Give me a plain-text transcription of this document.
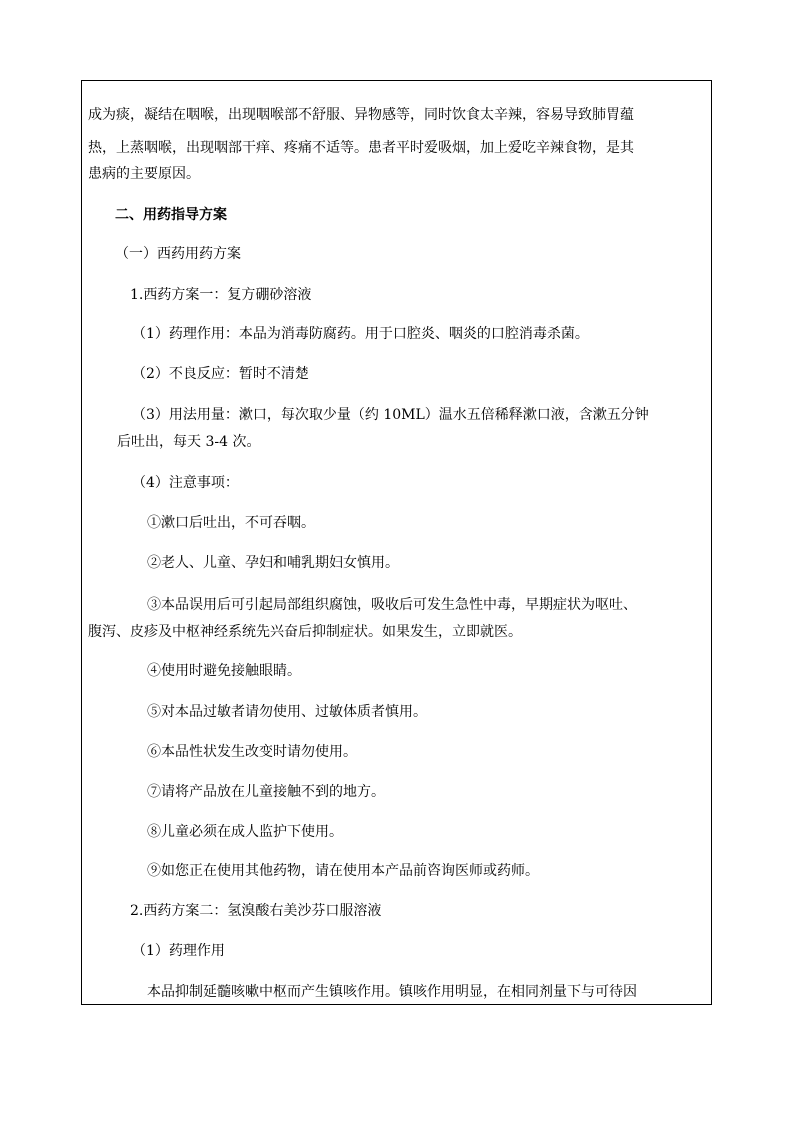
成为痰，凝结在咽喉，出现咽喉部不舒服、异物感等，同时饮食太辛辣，容易导致肺胃蕴
热，上蒸咽喉，出现咽部干痒、疼痛不适等。患者平时爱吸烟，加上爱吃辛辣食物，是其
患病的主要原因。
二、用药指导方案
（一）西药用药方案
1.西药方案一：复方硼砂溶液
（1）药理作用：本品为消毒防腐药。用于口腔炎、咽炎的口腔消毒杀菌。
（2）不良反应：暂时不清楚
（3）用法用量：漱口，每次取少量（约 10ML）温水五倍稀释漱口液，含漱五分钟
后吐出，每天 3-4 次。
（4）注意事项：
①漱口后吐出，不可吞咽。
②老人、儿童、孕妇和哺乳期妇女慎用。
③本品误用后可引起局部组织腐蚀，吸收后可发生急性中毒，早期症状为呕吐、
腹泻、皮疹及中枢神经系统先兴奋后抑制症状。如果发生，立即就医。
④使用时避免接触眼睛。
⑤对本品过敏者请勿使用、过敏体质者慎用。
⑥本品性状发生改变时请勿使用。
⑦请将产品放在儿童接触不到的地方。
⑧儿童必须在成人监护下使用。
⑨如您正在使用其他药物，请在使用本产品前咨询医师或药师。
2.西药方案二：氢溴酸右美沙芬口服溶液
（1）药理作用
本品抑制延髓咳嗽中枢而产生镇咳作用。镇咳作用明显，在相同剂量下与可待因
